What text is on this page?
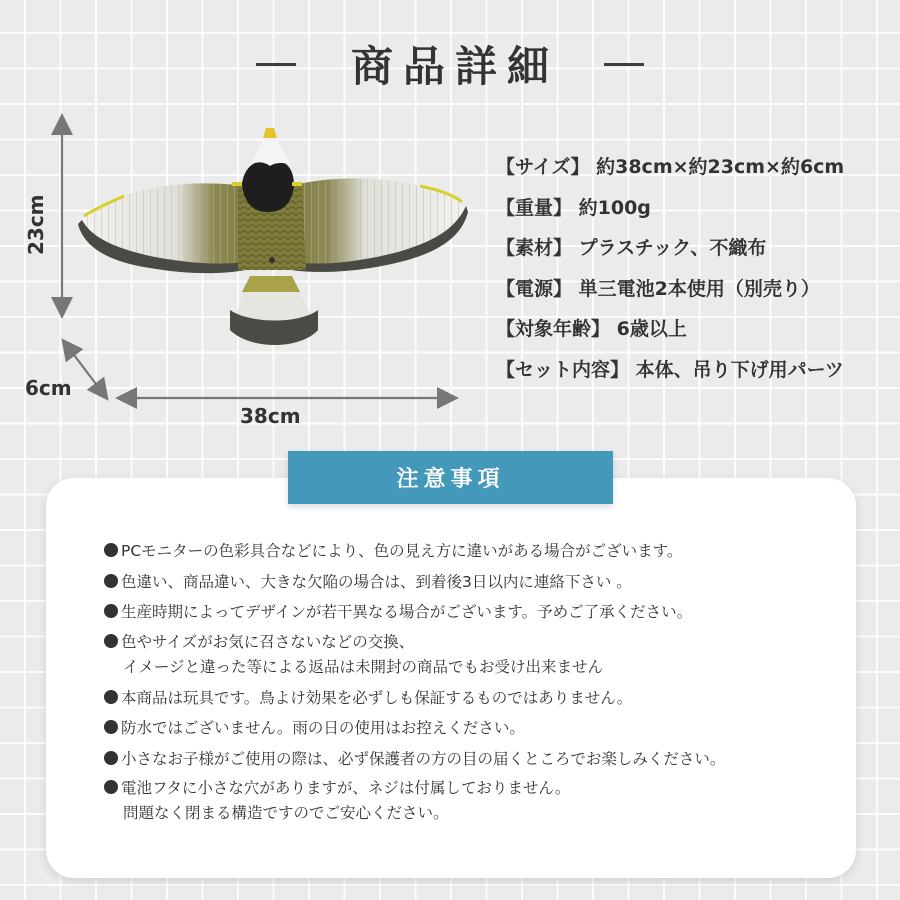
商品詳細
23cm
6cm
38cm
【サイズ】 約38cm×約23cm×約6cm
【重量】 約100g
【素材】 プラスチック、不織布
【電源】 単三電池2本使用（別売り）
【対象年齢】 6歳以上
【セット内容】 本体、吊り下げ用パーツ
注意事項
PCモニターの色彩具合などにより、色の見え方に違いがある場合がございます。
色違い、商品違い、大きな欠陥の場合は、到着後3日以内に連絡下さい 。
生産時期によってデザインが若干異なる場合がございます。予めご了承ください。
色やサイズがお気に召さないなどの交換、
イメージと違った等による返品は未開封の商品でもお受け出来ません
本商品は玩具です。鳥よけ効果を必ずしも保証するものではありません。
防水ではございません。雨の日の使用はお控えください。
小さなお子様がご使用の際は、必ず保護者の方の目の届くところでお楽しみください。
電池フタに小さな穴がありますが、ネジは付属しておりません。
問題なく閉まる構造ですのでご安心ください。
